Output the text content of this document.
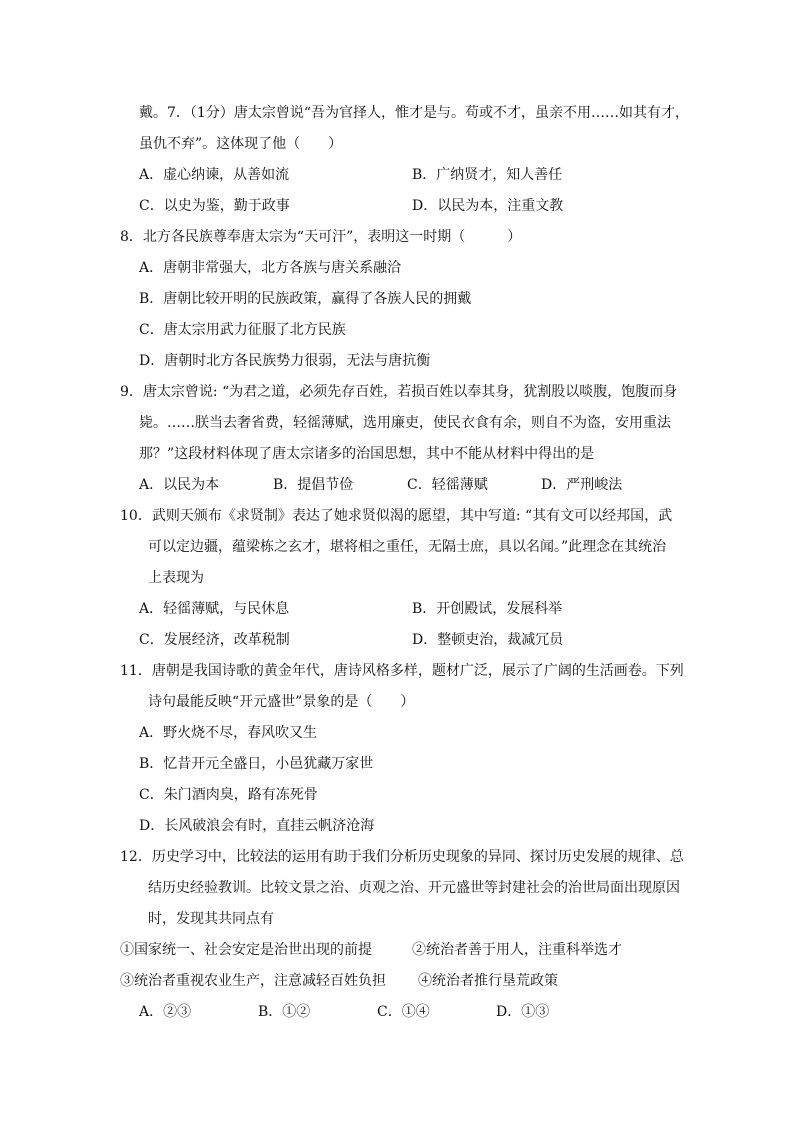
戴。7．（1分）唐太宗曾说“吾为官择人，惟才是与。苟或不才，虽亲不用……如其有才，
虽仇不弃”。这体现了他（　　）
A．虚心纳谏，从善如流	B．广纳贤才，知人善任
C．以史为鉴，勤于政事	D．以民为本，注重文教
8．北方各民族尊奉唐太宗为“天可汗”，表明这一时期（　　　）
A．唐朝非常强大，北方各族与唐关系融洽
B．唐朝比较开明的民族政策，赢得了各族人民的拥戴
C．唐太宗用武力征服了北方民族
D．唐朝时北方各民族势力很弱，无法与唐抗衡
9．唐太宗曾说: “为君之道，必须先存百姓，若损百姓以奉其身，犹割股以啖腹，饱腹而身
毙。……朕当去奢省费，轻徭薄赋，选用廉吏，使民衣食有余，则自不为盗，安用重法
那？”这段材料体现了唐太宗诸多的治国思想，其中不能从材料中得出的是
A．以民为本	B．提倡节俭	C．轻徭薄赋	D．严刑峻法
10．武则天颁布《求贤制》表达了她求贤似渴的愿望，其中写道: “其有文可以经邦国，武
可以定边疆，蕴梁栋之玄才，堪将相之重任，无隔士庶，具以名闻。”此理念在其统治
上表现为
A．轻徭薄赋，与民休息	B．开创殿试，发展科举
C．发展经济，改革税制	D．整顿吏治，裁减冗员
11．唐朝是我国诗歌的黄金年代，唐诗风格多样，题材广泛，展示了广阔的生活画卷。下列
诗句最能反映“开元盛世”景象的是（　　）
A．野火烧不尽，春风吹又生
B．忆昔开元全盛日，小邑犹藏万家世
C．朱门酒肉臭，路有冻死骨
D．长风破浪会有时，直挂云帆济沧海
12．历史学习中，比较法的运用有助于我们分析历史现象的异同、探讨历史发展的规律、总
结历史经验教训。比较文景之治、贞观之治、开元盛世等封建社会的治世局面出现原因
时，发现其共同点有
①国家统一、社会安定是治世出现的前提	②统治者善于用人，注重科举选才
③统治者重视农业生产，注意减轻百姓负担 ④统治者推行垦荒政策
A．②③	B．①②	C．①④	D．①③
